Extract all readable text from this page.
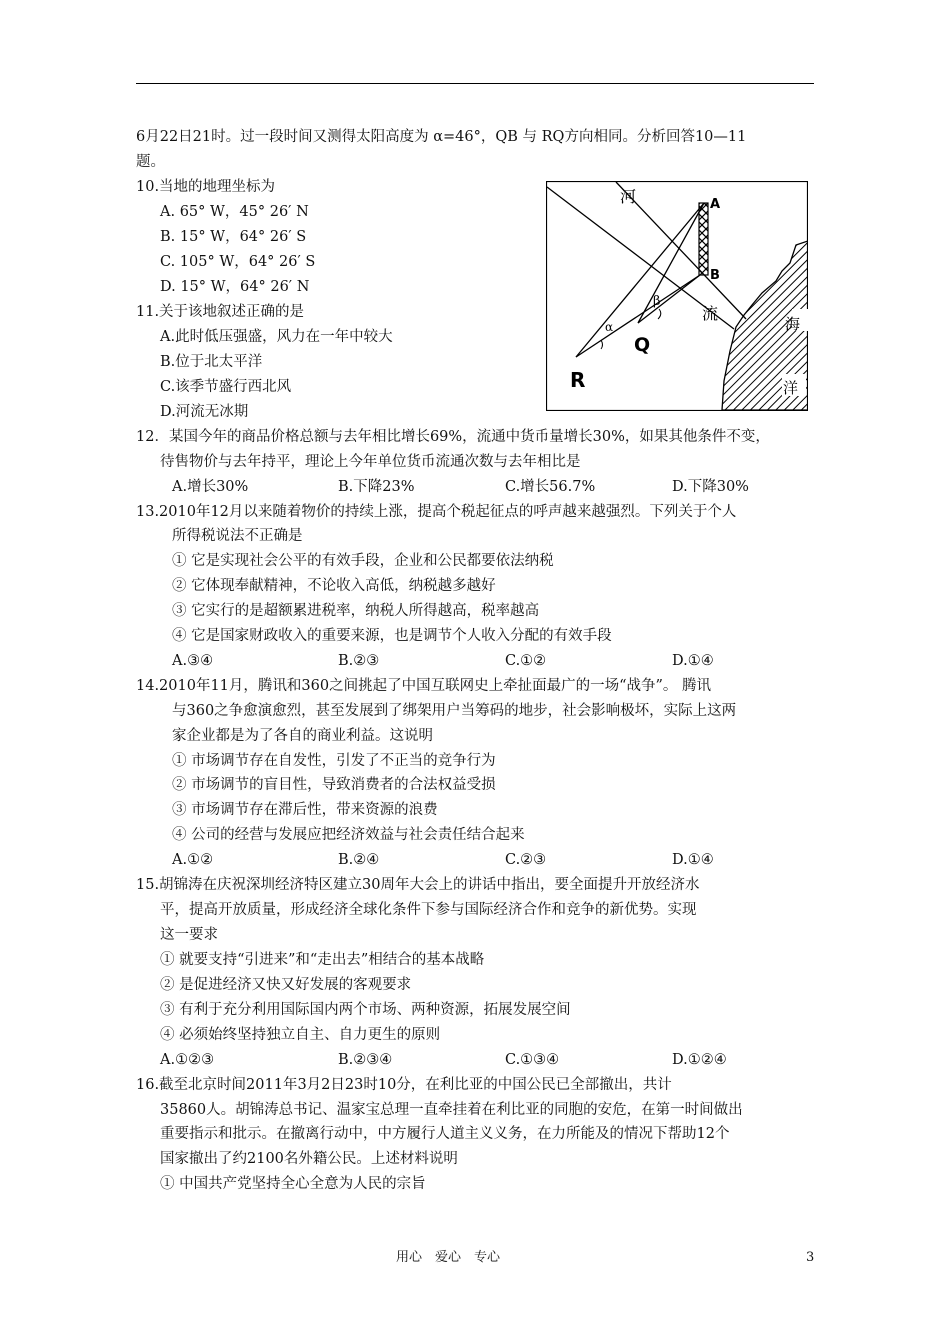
6月22日21时。过一段时间又测得太阳高度为 α=46°，QB 与 RQ方向相同。分析回答10—11
题。
10.当地的地理坐标为
A. 65° W，45° 26′ N
B. 15° W，64° 26′ S
C. 105° W，64° 26′ S
D. 15° W，64° 26′ N
11.关于该地叙述正确的是
A.此时低压强盛，风力在一年中较大
B.位于北太平洋
C.该季节盛行西北风
D.河流无冰期
河
流
海
洋
A
B
Q
R
α
β
12．某国今年的商品价格总额与去年相比增长69%，流通中货币量增长30%，如果其他条件不变，
待售物价与去年持平，理论上今年单位货币流通次数与去年相比是
A.增长30%	B.下降23%	C.增长56.7%	D.下降30%
13.2010年12月以来随着物价的持续上涨，提高个税起征点的呼声越来越强烈。下列关于个人
所得税说法不正确是
① 它是实现社会公平的有效手段，企业和公民都要依法纳税
② 它体现奉献精神，不论收入高低，纳税越多越好
③ 它实行的是超额累进税率，纳税人所得越高，税率越高
④ 它是国家财政收入的重要来源，也是调节个人收入分配的有效手段
A.③④	B.②③	C.①②	D.①④
14.2010年11月，腾讯和360之间挑起了中国互联网史上牵扯面最广的一场“战争”。 腾讯
与360之争愈演愈烈，甚至发展到了绑架用户当筹码的地步，社会影响极坏，实际上这两
家企业都是为了各自的商业利益。这说明
① 市场调节存在自发性，引发了不正当的竞争行为
② 市场调节的盲目性，导致消费者的合法权益受损
③ 市场调节存在滞后性，带来资源的浪费
④ 公司的经营与发展应把经济效益与社会责任结合起来
A.①②	B.②④	C.②③	D.①④
15.胡锦涛在庆祝深圳经济特区建立30周年大会上的讲话中指出，要全面提升开放经济水
平，提高开放质量，形成经济全球化条件下参与国际经济合作和竞争的新优势。实现
这一要求
① 就要支持“引进来”和“走出去”相结合的基本战略
② 是促进经济又快又好发展的客观要求
③ 有利于充分利用国际国内两个市场、两种资源，拓展发展空间
④ 必须始终坚持独立自主、自力更生的原则
A.①②③	B.②③④	C.①③④	D.①②④
16.截至北京时间2011年3月2日23时10分，在利比亚的中国公民已全部撤出，共计
35860人。胡锦涛总书记、温家宝总理一直牵挂着在利比亚的同胞的安危，在第一时间做出
重要指示和批示。在撤离行动中，中方履行人道主义义务，在力所能及的情况下帮助12个
国家撤出了约2100名外籍公民。上述材料说明
① 中国共产党坚持全心全意为人民的宗旨
用心　爱心　专心	3
